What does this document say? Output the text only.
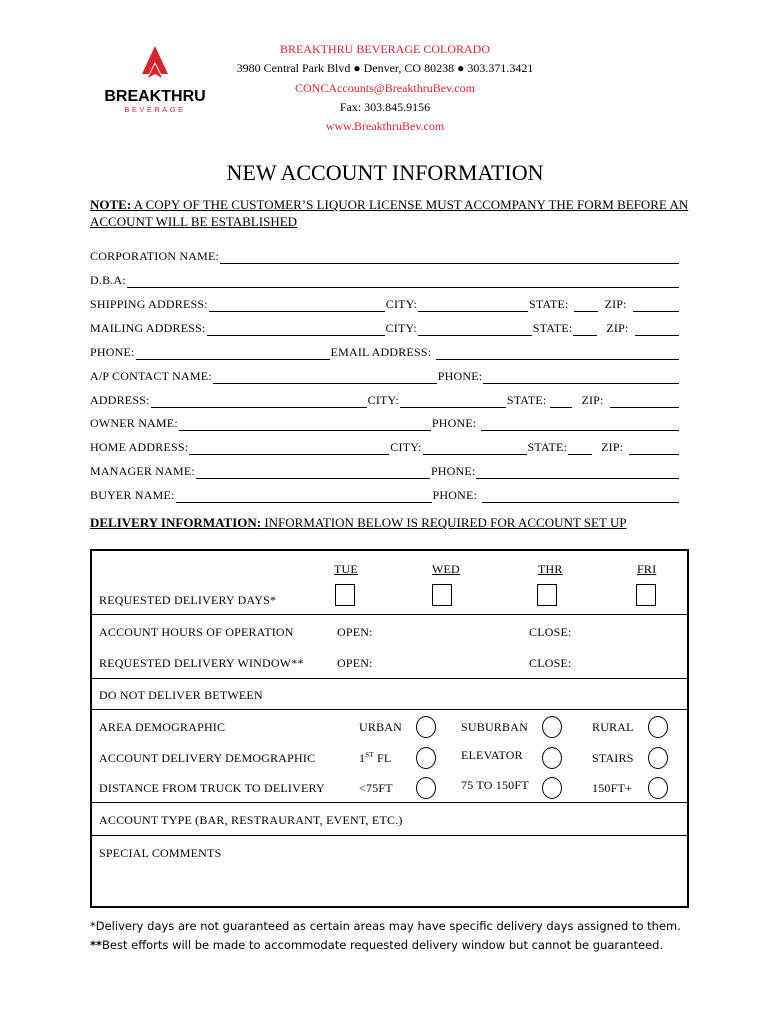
BREAKTHRU
BEVERAGE
BREAKTHRU BEVERAGE COLORADO
3980 Central Park Blvd ● Denver, CO 80238 ● 303.371.3421
CONCAccounts@BreakthruBev.com
Fax: 303.845.9156
www.BreakthruBev.com
NEW ACCOUNT INFORMATION
NOTE: A COPY OF THE CUSTOMER’S LIQUOR LICENSE MUST ACCOMPANY THE FORM BEFORE AN ACCOUNT WILL BE ESTABLISHED
CORPORATION NAME:
D.B.A:
SHIPPING ADDRESS:	CITY:	STATE:	ZIP:
MAILING ADDRESS:	CITY:	STATE:	ZIP:
PHONE:	EMAIL ADDRESS:
A/P CONTACT NAME:	PHONE:
ADDRESS:	CITY:	STATE:	ZIP:
OWNER NAME:	PHONE:
HOME ADDRESS:	CITY:	STATE:	ZIP:
MANAGER NAME:	PHONE:
BUYER NAME:	PHONE:
DELIVERY INFORMATION: INFORMATION BELOW IS REQUIRED FOR ACCOUNT SET UP
TUE	WED	THR	FRI
REQUESTED DELIVERY DAYS*
ACCOUNT HOURS OF OPERATION	OPEN:	CLOSE:
REQUESTED DELIVERY WINDOW**	OPEN:	CLOSE:
DO NOT DELIVER BETWEEN
AREA DEMOGRAPHIC	URBAN	SUBURBAN	RURAL
ACCOUNT DELIVERY DEMOGRAPHIC	1ST FL	ELEVATOR	STAIRS
DISTANCE FROM TRUCK TO DELIVERY	<75FT	75 TO 150FT	150FT+
ACCOUNT TYPE (BAR, RESTRAURANT, EVENT, ETC.)
SPECIAL COMMENTS
*Delivery days are not guaranteed as certain areas may have specific delivery days assigned to them.
**Best efforts will be made to accommodate requested delivery window but cannot be guaranteed.
